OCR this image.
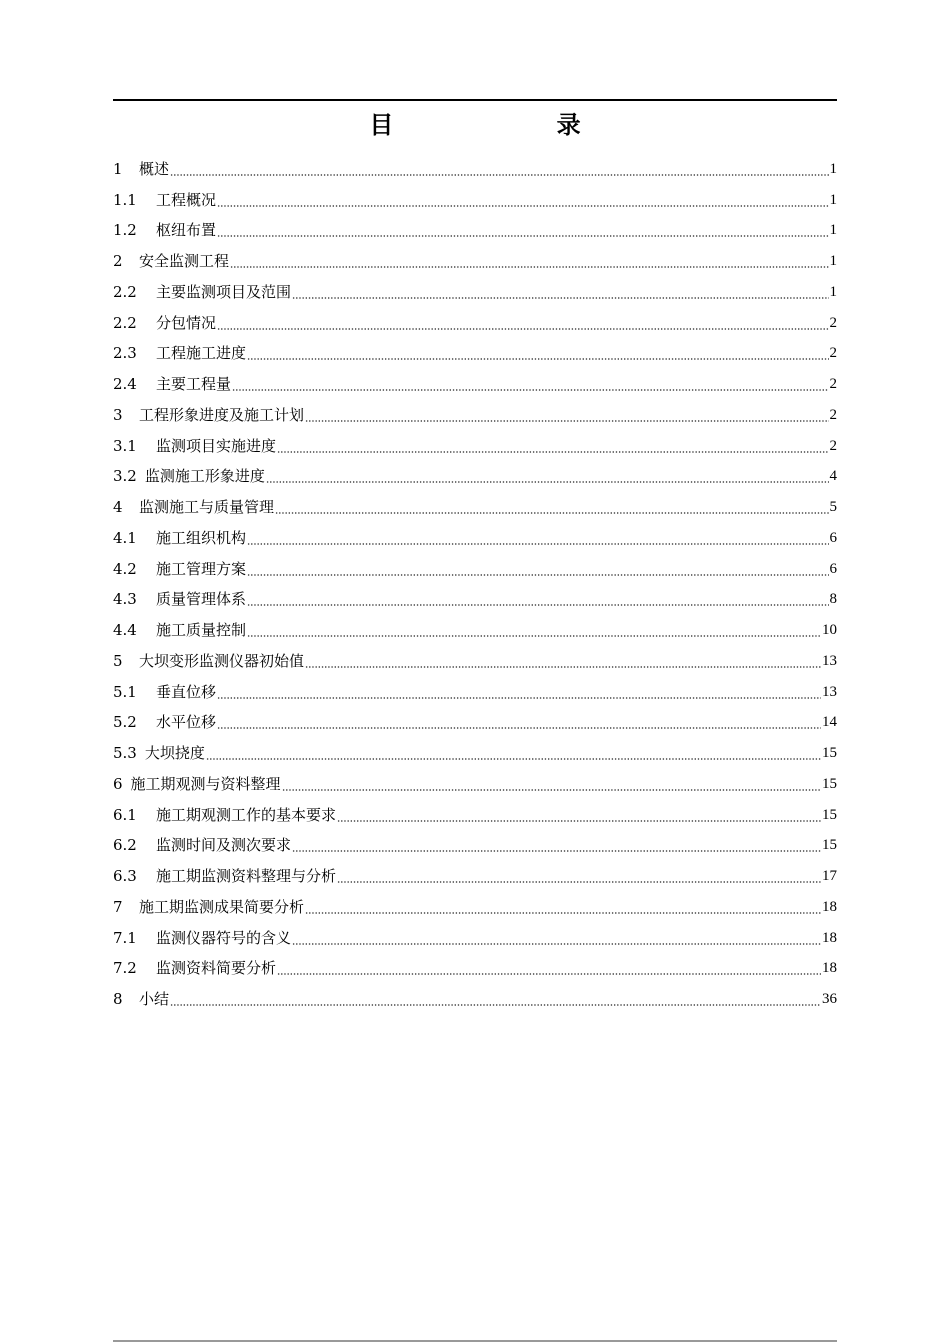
目　　录
1	概述	1
1.1	工程概况	1
1.2	枢纽布置	1
2	安全监测工程	1
2.2	主要监测项目及范围	1
2.2	分包情况	2
2.3	工程施工进度	2
2.4	主要工程量	2
3	工程形象进度及施工计划	2
3.1	监测项目实施进度	2
3.2 监测施工形象进度	4
4	监测施工与质量管理	5
4.1	施工组织机构	6
4.2	施工管理方案	6
4.3	质量管理体系	8
4.4	施工质量控制	10
5	大坝变形监测仪器初始值	13
5.1	垂直位移	13
5.2	水平位移	14
5.3 大坝挠度	15
6 施工期观测与资料整理	15
6.1	施工期观测工作的基本要求	15
6.2	监测时间及测次要求	15
6.3	施工期监测资料整理与分析	17
7	施工期监测成果简要分析	18
7.1	监测仪器符号的含义	18
7.2	监测资料简要分析	18
8	小结	36
